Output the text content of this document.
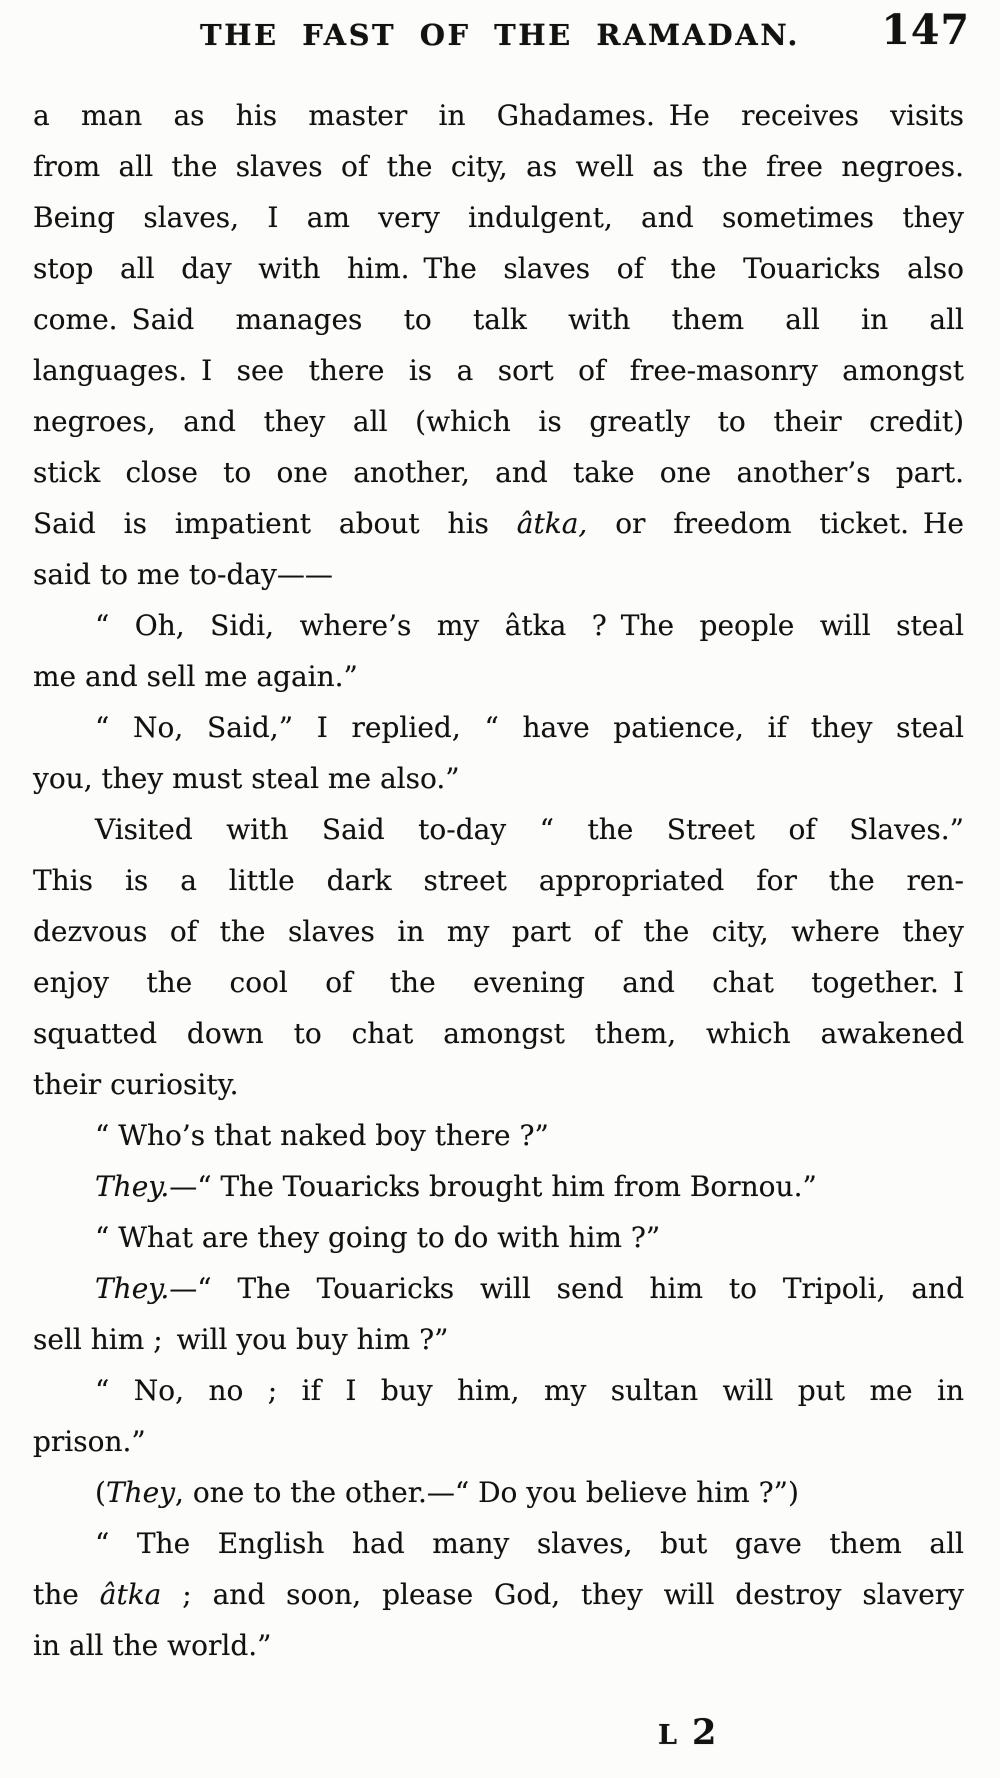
THE FAST OF THE RAMADAN. 147
a man as his master in Ghadames. He receives visits
from all the slaves of the city, as well as the free negroes.
Being slaves, I am very indulgent, and sometimes they
stop all day with him. The slaves of the Touaricks also
come. Said manages to talk with them all in all
languages. I see there is a sort of free-masonry amongst
negroes, and they all (which is greatly to their credit)
stick close to one another, and take one another’s part.
Said is impatient about his âtka, or freedom ticket. He
said to me to-day——
“ Oh, Sidi, where’s my âtka ? The people will steal
me and sell me again.”
“ No, Said,” I replied, “ have patience, if they steal
you, they must steal me also.”
Visited with Said to-day “ the Street of Slaves.”
This is a little dark street appropriated for the ren-
dezvous of the slaves in my part of the city, where they
enjoy the cool of the evening and chat together. I
squatted down to chat amongst them, which awakened
their curiosity.
“ Who’s that naked boy there ?”
They.—“ The Touaricks brought him from Bornou.”
“ What are they going to do with him ?”
They.—“ The Touaricks will send him to Tripoli, and
sell him ; will you buy him ?”
“ No, no ; if I buy him, my sultan will put me in
prison.”
(They, one to the other.—“ Do you believe him ?”)
“ The English had many slaves, but gave them all
the âtka ; and soon, please God, they will destroy slavery
in all the world.”
L 2
